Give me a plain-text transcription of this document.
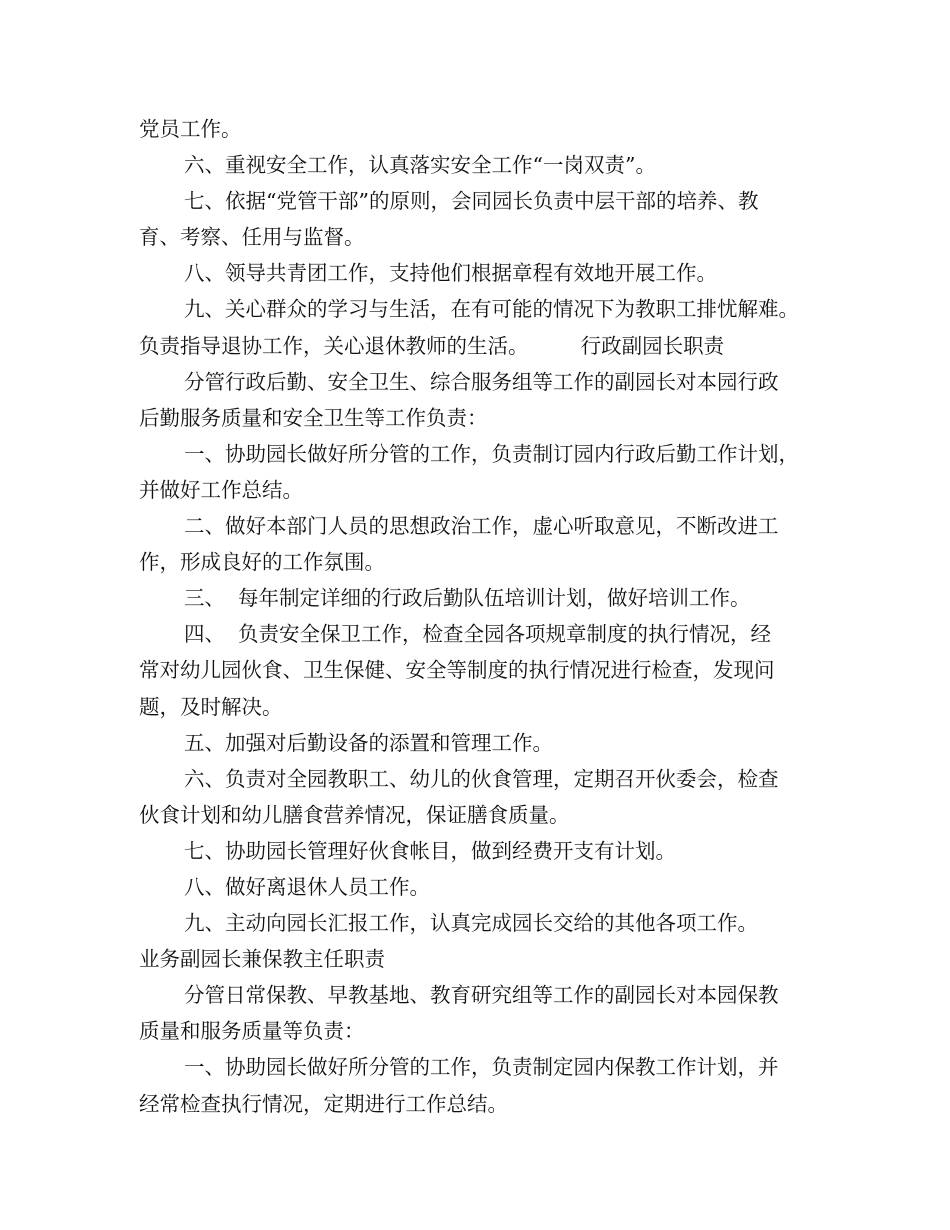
党员工作。
六、重视安全工作，认真落实安全工作“一岗双责”。
七、依据“党管干部”的原则，会同园长负责中层干部的培养、教
育、考察、任用与监督。
八、领导共青团工作，支持他们根据章程有效地开展工作。
九、关心群众的学习与生活，在有可能的情况下为教职工排忧解难。
负责指导退协工作，关心退休教师的生活。        行政副园长职责
分管行政后勤、安全卫生、综合服务组等工作的副园长对本园行政
后勤服务质量和安全卫生等工作负责：
一、协助园长做好所分管的工作，负责制订园内行政后勤工作计划，
并做好工作总结。
二、做好本部门人员的思想政治工作，虚心听取意见，不断改进工
作，形成良好的工作氛围。
三、  每年制定详细的行政后勤队伍培训计划，做好培训工作。
四、  负责安全保卫工作，检查全园各项规章制度的执行情况，经
常对幼儿园伙食、卫生保健、安全等制度的执行情况进行检查，发现问
题，及时解决。
五、加强对后勤设备的添置和管理工作。
六、负责对全园教职工、幼儿的伙食管理，定期召开伙委会，检查
伙食计划和幼儿膳食营养情况，保证膳食质量。
七、协助园长管理好伙食帐目，做到经费开支有计划。
八、做好离退休人员工作。
九、主动向园长汇报工作，认真完成园长交给的其他各项工作。
业务副园长兼保教主任职责
分管日常保教、早教基地、教育研究组等工作的副园长对本园保教
质量和服务质量等负责：
一、协助园长做好所分管的工作，负责制定园内保教工作计划，并
经常检查执行情况，定期进行工作总结。
